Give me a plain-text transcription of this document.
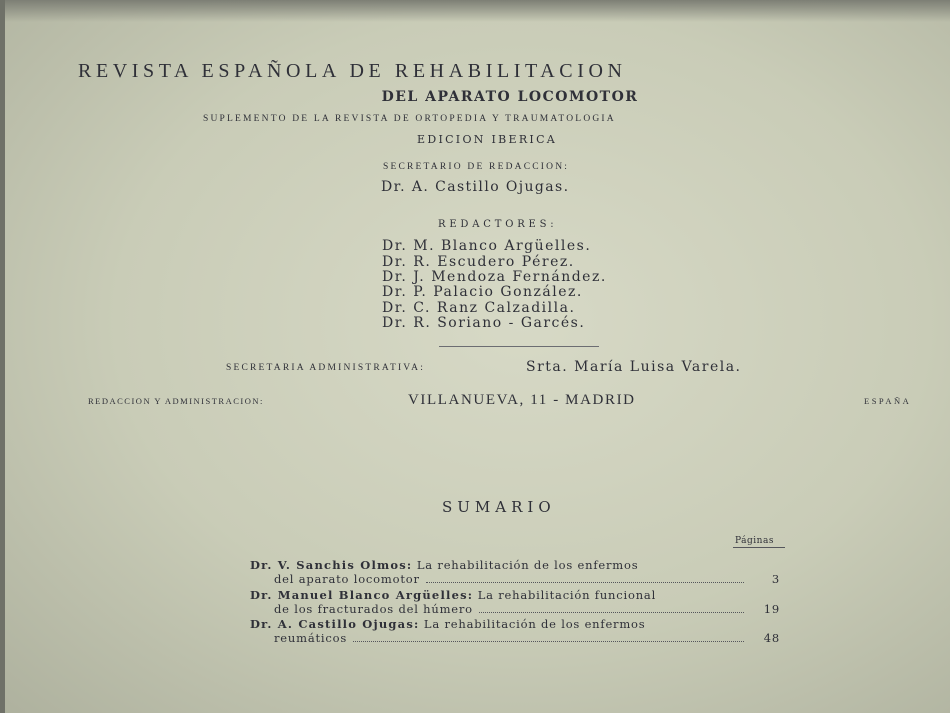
REVISTA ESPAÑOLA DE REHABILITACION
DEL APARATO LOCOMOTOR
SUPLEMENTO DE LA REVISTA DE ORTOPEDIA Y TRAUMATOLOGIA
EDICION IBERICA
SECRETARIO DE REDACCION:
Dr. A. Castillo Ojugas.
REDACTORES:
Dr. M. Blanco Argüelles.
Dr. R. Escudero Pérez.
Dr. J. Mendoza Fernández.
Dr. P. Palacio González.
Dr. C. Ranz Calzadilla.
Dr. R. Soriano - Garcés.
SECRETARIA ADMINISTRATIVA:	Srta. María Luisa Varela.
REDACCION Y ADMINISTRACION:	VILLANUEVA, 11 - MADRID	ESPAÑA
SUMARIO
Páginas
Dr. V. Sanchis Olmos: La rehabilitación de los enfermos
del aparato locomotor	3
Dr. Manuel Blanco Argüelles: La rehabilitación funcional
de los fracturados del húmero	19
Dr. A. Castillo Ojugas: La rehabilitación de los enfermos
reumáticos	48
